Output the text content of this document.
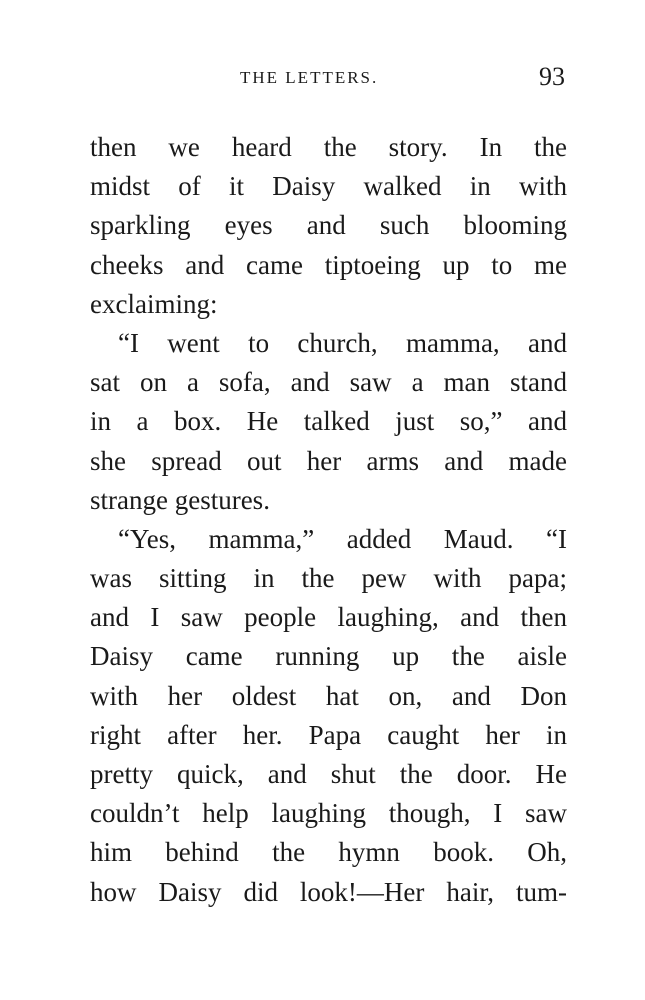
THE LETTERS.	93
then we heard the story. In the
midst of it Daisy walked in with
sparkling eyes and such blooming
cheeks and came tiptoeing up to me
exclaiming:
“I went to church, mamma, and
sat on a sofa, and saw a man stand
in a box. He talked just so,” and
she spread out her arms and made
strange gestures.
“Yes, mamma,” added Maud. “I
was sitting in the pew with papa;
and I saw people laughing, and then
Daisy came running up the aisle
with her oldest hat on, and Don
right after her. Papa caught her in
pretty quick, and shut the door. He
couldn’t help laughing though, I saw
him behind the hymn book. Oh,
how Daisy did look!—Her hair, tum-
